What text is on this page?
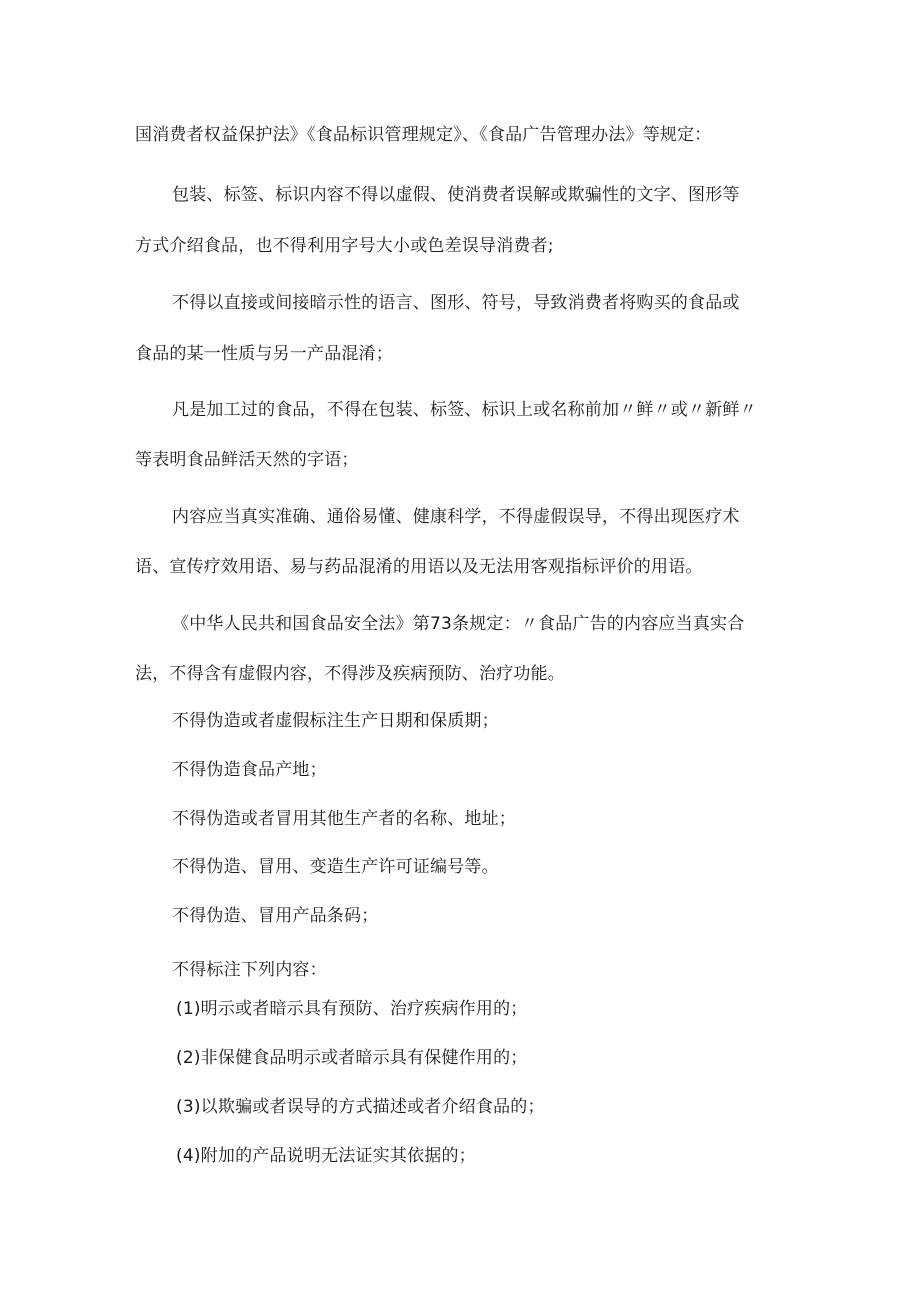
国消费者权益保护法》《食品标识管理规定》、《食品广告管理办法》等规定：
包装、标签、标识内容不得以虚假、使消费者误解或欺骗性的文字、图形等
方式介绍食品，也不得利用字号大小或色差误导消费者;
不得以直接或间接暗示性的语言、图形、符号，导致消费者将购买的食品或
食品的某一性质与另一产品混淆；
凡是加工过的食品，不得在包装、标签、标识上或名称前加〃鲜〃或〃新鲜〃
等表明食品鲜活天然的字语；
内容应当真实准确、通俗易懂、健康科学，不得虚假误导，不得出现医疗术
语、宣传疗效用语、易与药品混淆的用语以及无法用客观指标评价的用语。
《中华人民共和国食品安全法》第73条规定：〃食品广告的内容应当真实合
法，不得含有虚假内容，不得涉及疾病预防、治疗功能。
不得伪造或者虚假标注生产日期和保质期；
不得伪造食品产地；
不得伪造或者冒用其他生产者的名称、地址；
不得伪造、冒用、变造生产许可证编号等。
不得伪造、冒用产品条码；
不得标注下列内容：
(1)明示或者暗示具有预防、治疗疾病作用的；
(2)非保健食品明示或者暗示具有保健作用的；
(3)以欺骗或者误导的方式描述或者介绍食品的；
(4)附加的产品说明无法证实其依据的；
